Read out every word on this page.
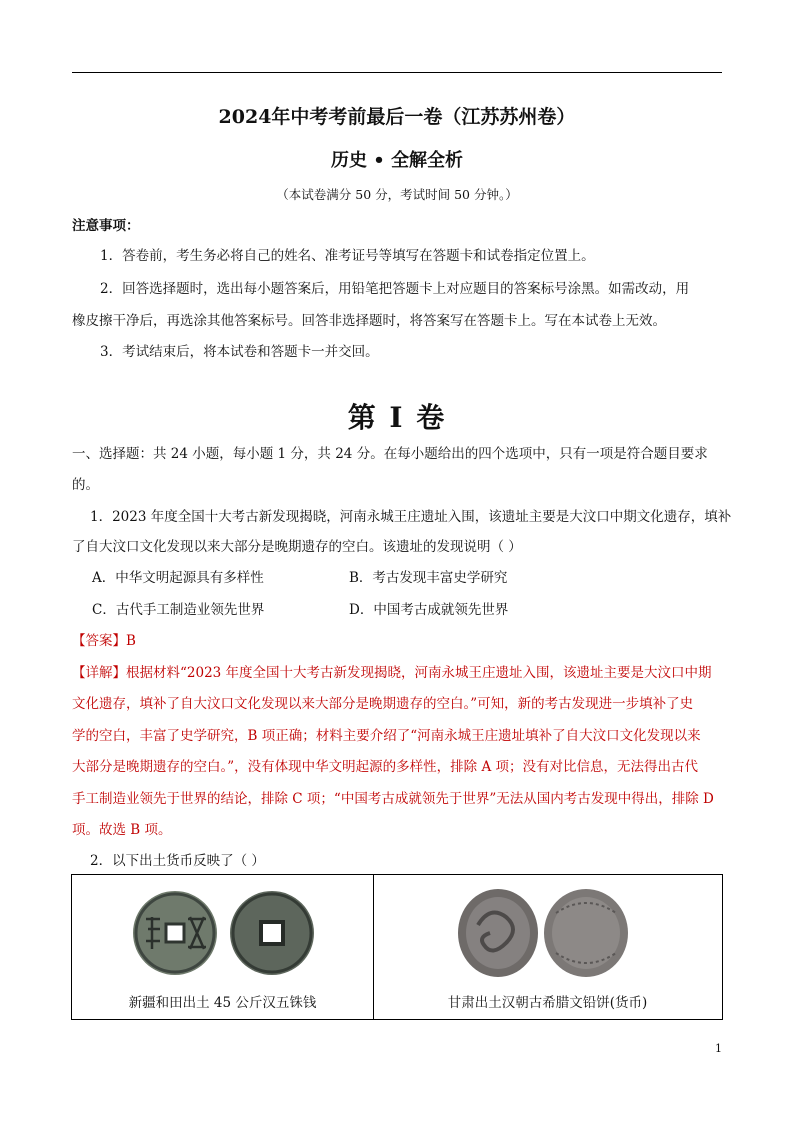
2024年中考考前最后一卷（江苏苏州卷）
历史 • 全解全析
（本试卷满分 50 分，考试时间 50 分钟。）
注意事项：
1．答卷前，考生务必将自己的姓名、准考证号等填写在答题卡和试卷指定位置上。
2．回答选择题时，选出每小题答案后，用铅笔把答题卡上对应题目的答案标号涂黑。如需改动，用
橡皮擦干净后，再选涂其他答案标号。回答非选择题时，将答案写在答题卡上。写在本试卷上无效。
3．考试结束后，将本试卷和答题卡一并交回。
第 I 卷
一、选择题：共 24 小题，每小题 1 分，共 24 分。在每小题给出的四个选项中，只有一项是符合题目要求
的。
1．2023 年度全国十大考古新发现揭晓，河南永城王庄遗址入围，该遗址主要是大汶口中期文化遗存，填补
了自大汶口文化发现以来大部分是晚期遗存的空白。该遗址的发现说明（ ）
A．中华文明起源具有多样性	B．考古发现丰富史学研究
C．古代手工制造业领先世界	D．中国考古成就领先世界
【答案】B
【详解】根据材料“2023 年度全国十大考古新发现揭晓，河南永城王庄遗址入围，该遗址主要是大汶口中期
文化遗存，填补了自大汶口文化发现以来大部分是晚期遗存的空白。”可知，新的考古发现进一步填补了史
学的空白，丰富了史学研究，B 项正确；材料主要介绍了“河南永城王庄遗址填补了自大汶口文化发现以来
大部分是晚期遗存的空白。”，没有体现中华文明起源的多样性，排除 A 项；没有对比信息，无法得出古代
手工制造业领先于世界的结论，排除 C 项；“中国考古成就领先于世界”无法从国内考古发现中得出，排除 D
项。故选 B 项。
2．以下出土货币反映了（ ）
新疆和田出土 45 公斤汉五铢钱	甘肃出土汉朝古希腊文铅饼(货币)
1
